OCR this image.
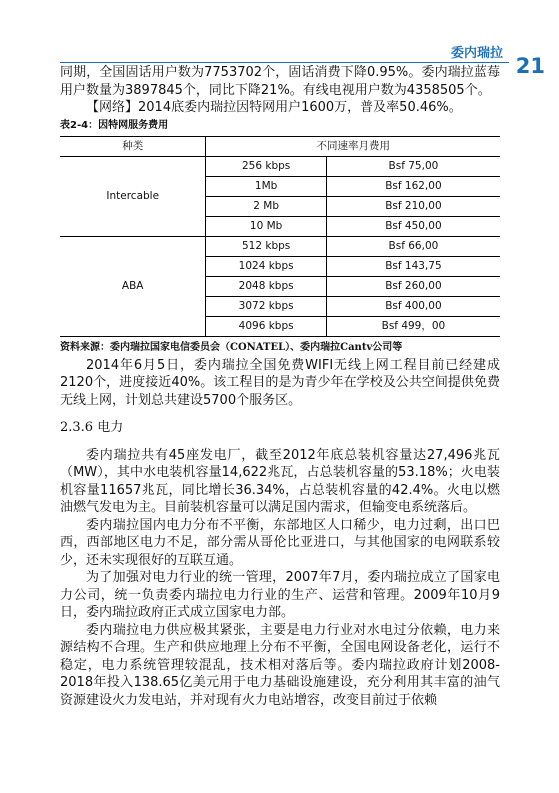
委内瑞拉
21

同期，全国固话用户数为7753702个，固话消费下降0.95%。委内瑞拉蓝莓用户数量为3897845个，同比下降21%。有线电视用户数为4358505个。

【网络】2014底委内瑞拉因特网用户1600万，普及率50.46%。

表2-4：因特网服务费用

种类	不同速率月费用	
Intercable	256 kbps	Bsf 75,00
	1Mb	Bsf 162,00
	2 Mb	Bsf 210,00
	10 Mb	Bsf 450,00
ABA	512 kbps	Bsf 66,00
	1024 kbps	Bsf 143,75
	2048 kbps	Bsf 260,00
	3072 kbps	Bsf 400,00
	4096 kbps	Bsf 499，00

资料来源：委内瑞拉国家电信委员会（CONATEL）、委内瑞拉Cantv公司等

2014年6月5日，委内瑞拉全国免费WIFI无线上网工程目前已经建成2120个，进度接近40%。该工程目的是为青少年在学校及公共空间提供免费无线上网，计划总共建设5700个服务区。

2.3.6 电力

委内瑞拉共有45座发电厂，截至2012年底总装机容量达27,496兆瓦（MW），其中水电装机容量14,622兆瓦，占总装机容量的53.18%；火电装机容量11657兆瓦，同比增长36.34%，占总装机容量的42.4%。火电以燃油燃气发电为主。目前装机容量可以满足国内需求，但输变电系统落后。

委内瑞拉国内电力分布不平衡，东部地区人口稀少，电力过剩，出口巴西，西部地区电力不足，部分需从哥伦比亚进口，与其他国家的电网联系较少，还未实现很好的互联互通。

为了加强对电力行业的统一管理，2007年7月，委内瑞拉成立了国家电力公司，统一负责委内瑞拉电力行业的生产、运营和管理。2009年10月9日，委内瑞拉政府正式成立国家电力部。

委内瑞拉电力供应极其紧张，主要是电力行业对水电过分依赖，电力来源结构不合理。生产和供应地理上分布不平衡，全国电网设备老化，运行不稳定，电力系统管理较混乱，技术相对落后等。委内瑞拉政府计划2008-2018年投入138.65亿美元用于电力基础设施建设，充分利用其丰富的油气资源建设火力发电站，并对现有火力电站增容，改变目前过于依赖
